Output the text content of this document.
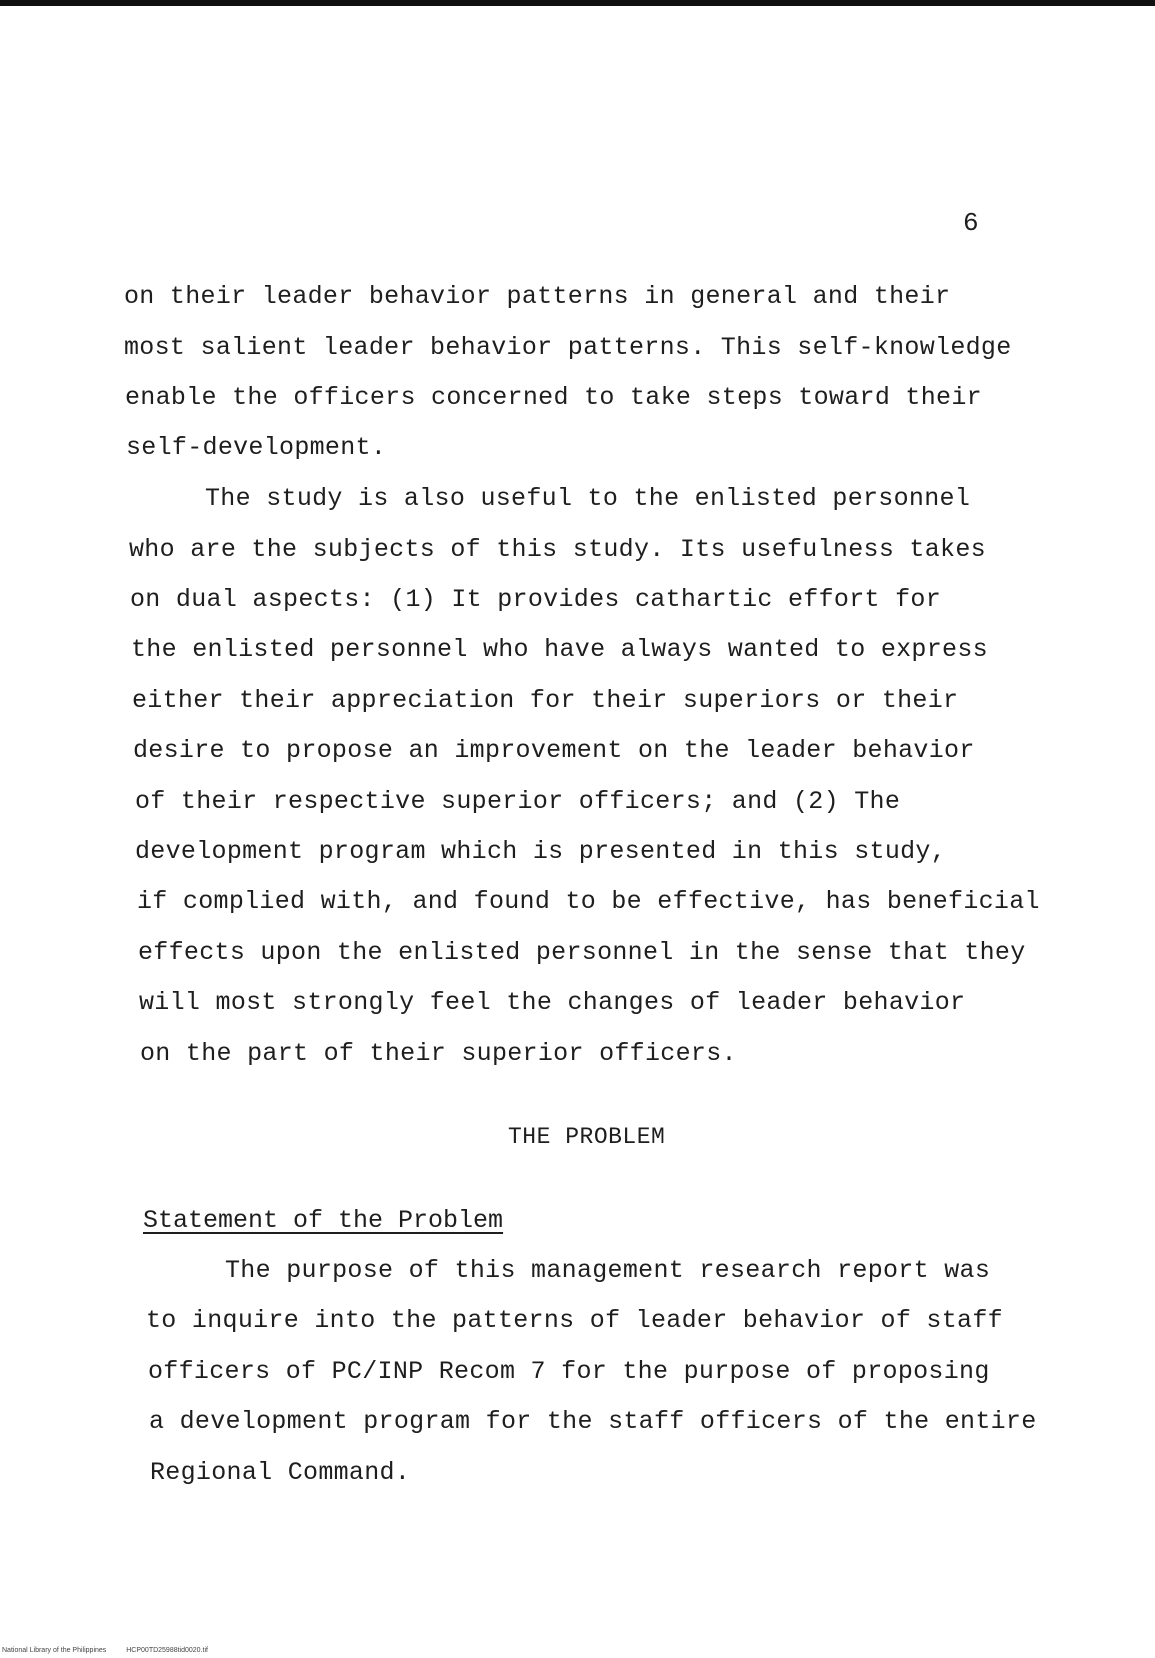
6
on their leader behavior patterns in general and their
most salient leader behavior patterns. This self-knowledge
enable the officers concerned to take steps toward their
self-development.
The study is also useful to the enlisted personnel
who are the subjects of this study. Its usefulness takes
on dual aspects: (1) It provides cathartic effort for
the enlisted personnel who have always wanted to express
either their appreciation for their superiors or their
desire to propose an improvement on the leader behavior
of their respective superior officers; and (2) The
development program which is presented in this study,
if complied with, and found to be effective, has beneficial
effects upon the enlisted personnel in the sense that they
will most strongly feel the changes of leader behavior
on the part of their superior officers.
THE PROBLEM
Statement of the Problem
The purpose of this management research report was
to inquire into the patterns of leader behavior of staff
officers of PC/INP Recom 7 for the purpose of proposing
a development program for the staff officers of the entire
Regional Command.
National Library of the Philippines	HCP00TD25988tid0020.tif
